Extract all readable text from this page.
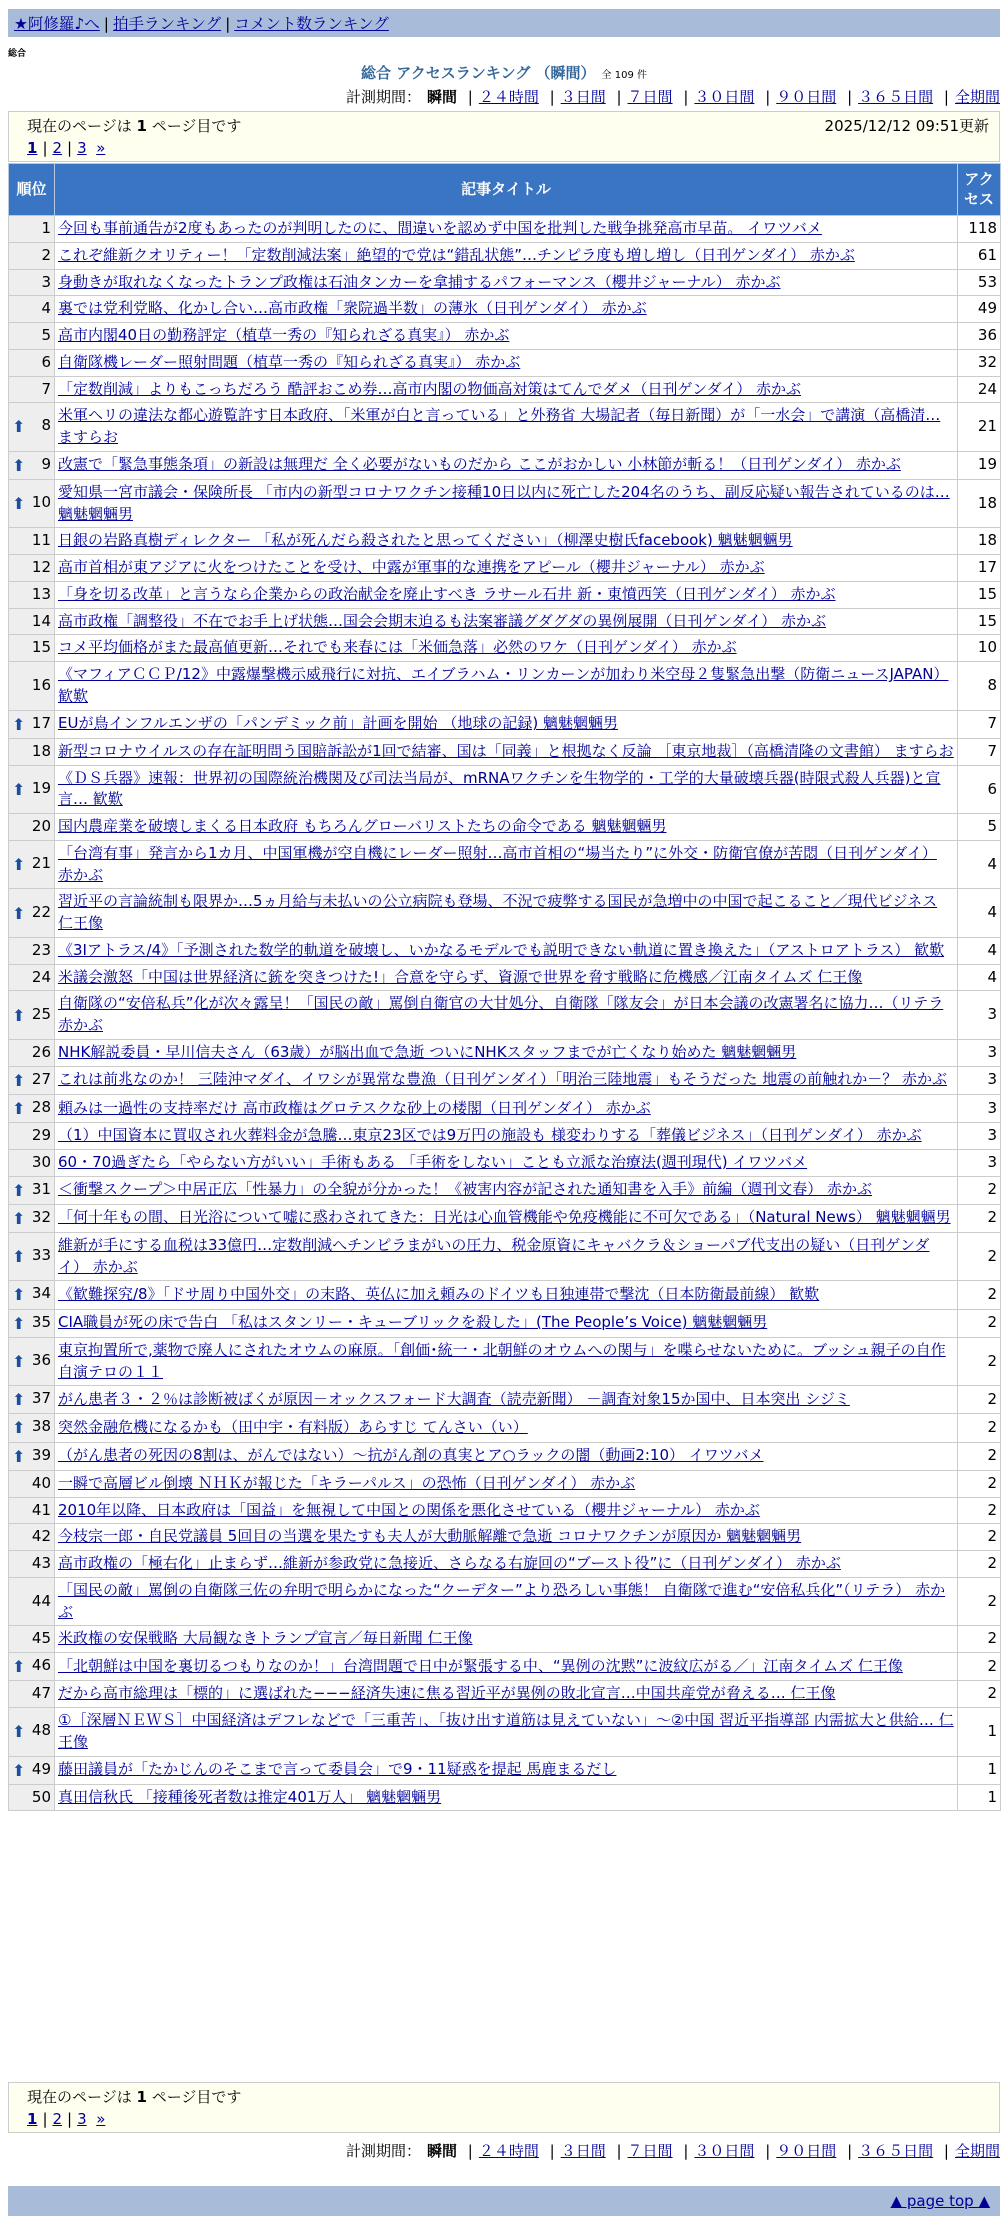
★阿修羅♪へ | 拍手ランキング | コメント数ランキング
総合
総合 アクセスランキング （瞬間） 全 109 件
計測期間： 瞬間 | ２４時間 | ３日間 | ７日間 | ３０日間 | ９０日間 | ３６５日間 | 全期間
現在のページは 1 ページ目です	2025/12/12 09:51更新
1 | 2 | 3 »
順位	記事タイトル	アクセス
1	今回も事前通告が2度もあったのが判明したのに、間違いを認めず中国を批判した戦争挑発高市早苗。 イワツバメ	118
2	これぞ維新クオリティー！「定数削減法案」絶望的で党は“錯乱状態”…チンピラ度も増し増し（日刊ゲンダイ） 赤かぶ	61
3	身動きが取れなくなったトランプ政権は石油タンカーを拿捕するパフォーマンス（櫻井ジャーナル） 赤かぶ	53
4	裏では党利党略、化かし合い…高市政権「衆院過半数」の薄氷（日刊ゲンダイ） 赤かぶ	49
5	高市内閣40日の勤務評定（植草一秀の『知られざる真実』） 赤かぶ	36
6	自衛隊機レーダー照射問題（植草一秀の『知られざる真実』） 赤かぶ	32
7	「定数削減」よりもこっちだろう 酷評おこめ券…高市内閣の物価高対策はてんでダメ（日刊ゲンダイ） 赤かぶ	24

⬆ 8	米軍ヘリの違法な都心遊覧許す日本政府、「米軍が白と言っている」と外務省 大場記者（毎日新聞）が「一水会」で講演（高橋清… ますらお	21

⬆ 9	改憲で「緊急事態条項」の新設は無理だ 全く必要がないものだから ここがおかしい 小林節が斬る！（日刊ゲンダイ） 赤かぶ	19

⬆ 10	愛知県一宮市議会・保険所長 「市内の新型コロナワクチン接種10日以内に死亡した204名のうち、副反応疑い報告されているのは… 魑魅魍魎男	18
11	日銀の岩路真樹ディレクター 「私が死んだら殺されたと思ってください」（柳澤史樹氏facebook) 魑魅魍魎男	18
12	高市首相が東アジアに火をつけたことを受け、中露が軍事的な連携をアピール（櫻井ジャーナル） 赤かぶ	17
13	「身を切る改革」と言うなら企業からの政治献金を廃止すべき ラサール石井 新・東憤西笑（日刊ゲンダイ） 赤かぶ	15
14	高市政権「調整役」不在でお手上げ状態…国会会期末迫るも法案審議グダグダの異例展開（日刊ゲンダイ） 赤かぶ	15
15	コメ平均価格がまた最高値更新…それでも来春には「米価急落」必然のワケ（日刊ゲンダイ） 赤かぶ	10
16	《マフィアＣＣＰ/12》中露爆撃機示威飛行に対抗、エイブラハム・リンカーンが加わり米空母２隻緊急出撃（防衛ニュースJAPAN） 歓歎	8

⬆ 17	EUが鳥インフルエンザの「パンデミック前」計画を開始 （地球の記録) 魑魅魍魎男	7
18	新型コロナウイルスの存在証明問う国賠訴訟が1回で結審、国は「同義」と根拠なく反論 ［東京地裁］（高橋清隆の文書館） ますらお	7

⬆ 19	《ＤＳ兵器》速報：世界初の国際統治機関及び司法当局が、mRNAワクチンを生物学的・工学的大量破壊兵器(時限式殺人兵器)と宣言… 歓歎	6
20	国内農産業を破壊しまくる日本政府 もちろんグローバリストたちの命令である 魑魅魍魎男	5

⬆ 21	「台湾有事」発言から1カ月、中国軍機が空自機にレーダー照射…高市首相の“場当たり”に外交・防衛官僚が苦悶（日刊ゲンダイ） 赤かぶ	4

⬆ 22	習近平の言論統制も限界か…5ヵ月給与未払いの公立病院も登場、不況で疲弊する国民が急増中の中国で起こること／現代ビジネス 仁王像	4
23	《3Iアトラス/4》「予測された数学的軌道を破壊し、いかなるモデルでも説明できない軌道に置き換えた」（アストロアトラス） 歓歎	4
24	米議会激怒「中国は世界経済に銃を突きつけた!」合意を守らず、資源で世界を脅す戦略に危機感／江南タイムズ 仁王像	4

⬆ 25	自衛隊の“安倍私兵”化が次々露呈！「国民の敵」罵倒自衛官の大甘処分、自衛隊「隊友会」が日本会議の改憲署名に協力…（リテラ 赤かぶ	3
26	NHK解説委員・早川信夫さん（63歳）が脳出血で急逝 ついにNHKスタッフまでが亡くなり始めた 魑魅魍魎男	3

⬆ 27	これは前兆なのか！ 三陸沖マダイ、イワシが異常な豊漁（日刊ゲンダイ）「明治三陸地震」もそうだった 地震の前触れか－？ 赤かぶ	3

⬆ 28	頼みは一過性の支持率だけ 高市政権はグロテスクな砂上の楼閣（日刊ゲンダイ） 赤かぶ	3
29	（1）中国資本に買収され火葬料金が急騰…東京23区では9万円の施設も 様変わりする「葬儀ビジネス」（日刊ゲンダイ） 赤かぶ	3
30	60・70過ぎたら「やらない方がいい」手術もある 「手術をしない」ことも立派な治療法(週刊現代) イワツバメ	3

⬆ 31	＜衝撃スクープ＞中居正広「性暴力」の全貌が分かった！《被害内容が記された通知書を入手》前編（週刊文春） 赤かぶ	2

⬆ 32	「何十年もの間、日光浴について嘘に惑わされてきた：日光は心血管機能や免疫機能に不可欠である」（Natural News） 魑魅魍魎男	2

⬆ 33	維新が手にする血税は33億円…定数削減へチンピラまがいの圧力、税金原資にキャバクラ＆ショーパブ代支出の疑い（日刊ゲンダイ） 赤かぶ	2

⬆ 34	《歓難探究/8》「ドサ周り中国外交」の末路、英仏に加え頼みのドイツも日独連帯で撃沈（日本防衛最前線） 歓歎	2

⬆ 35	CIA職員が死の床で告白 「私はスタンリー・キューブリックを殺した」(The People’s Voice) 魑魅魍魎男	2

⬆ 36	東京拘置所で,薬物で廃人にされたオウムの麻原。「創価･統一・北朝鮮のオウムへの関与」を喋らせないために。ブッシュ親子の自作自演テロの１１	2

⬆ 37	がん患者３・２％は診断被ばくが原因－オックスフォード大調査（読売新聞） －調査対象15か国中、日本突出 シジミ	2

⬆ 38	突然金融危機になるかも（田中宇・有料版）あらすじ てんさい（い）	2

⬆ 39	（がん患者の死因の8割は、がんではない）～抗がん剤の真実とア○ラックの闇（動画2:10） イワツバメ	2
40	一瞬で高層ビル倒壊 ＮＨＫが報じた「キラーパルス」の恐怖（日刊ゲンダイ） 赤かぶ	2
41	2010年以降、日本政府は「国益」を無視して中国との関係を悪化させている（櫻井ジャーナル） 赤かぶ	2
42	今枝宗一郎・自民党議員 5回目の当選を果たすも夫人が大動脈解離で急逝 コロナワクチンが原因か 魑魅魍魎男	2
43	高市政権の「極右化」止まらず…維新が参政党に急接近、さらなる右旋回の“ブースト役”に（日刊ゲンダイ） 赤かぶ	2
44	「国民の敵」罵倒の自衛隊三佐の弁明で明らかになった“クーデター”より恐ろしい事態！ 自衛隊で進む“安倍私兵化”（リテラ） 赤かぶ	2
45	米政権の安保戦略 大局観なきトランプ宣言／毎日新聞 仁王像	2

⬆ 46	「北朝鮮は中国を裏切るつもりなのか！」台湾問題で日中が緊張する中、“異例の沈黙”に波紋広がる／」江南タイムズ 仁王像	2
47	だから高市総理は「標的」に選ばれた−−−経済失速に焦る習近平が異例の敗北宣言…中国共産党が脅える… 仁王像	2

⬆ 48	①［深層ＮＥＷＳ］中国経済はデフレなどで「三重苦」、「抜け出す道筋は見えていない」～②中国 習近平指導部 内需拡大と供給… 仁王像	1

⬆ 49	藤田議員が「たかじんのそこまで言って委員会」で9・11疑惑を提起 馬鹿まるだし	1
50	真田信秋氏 「接種後死者数は推定401万人」 魑魅魍魎男	1
現在のページは 1 ページ目です
1 | 2 | 3 »
計測期間： 瞬間 | ２４時間 | ３日間 | ７日間 | ３０日間 | ９０日間 | ３６５日間 | 全期間
▲ page top ▲
